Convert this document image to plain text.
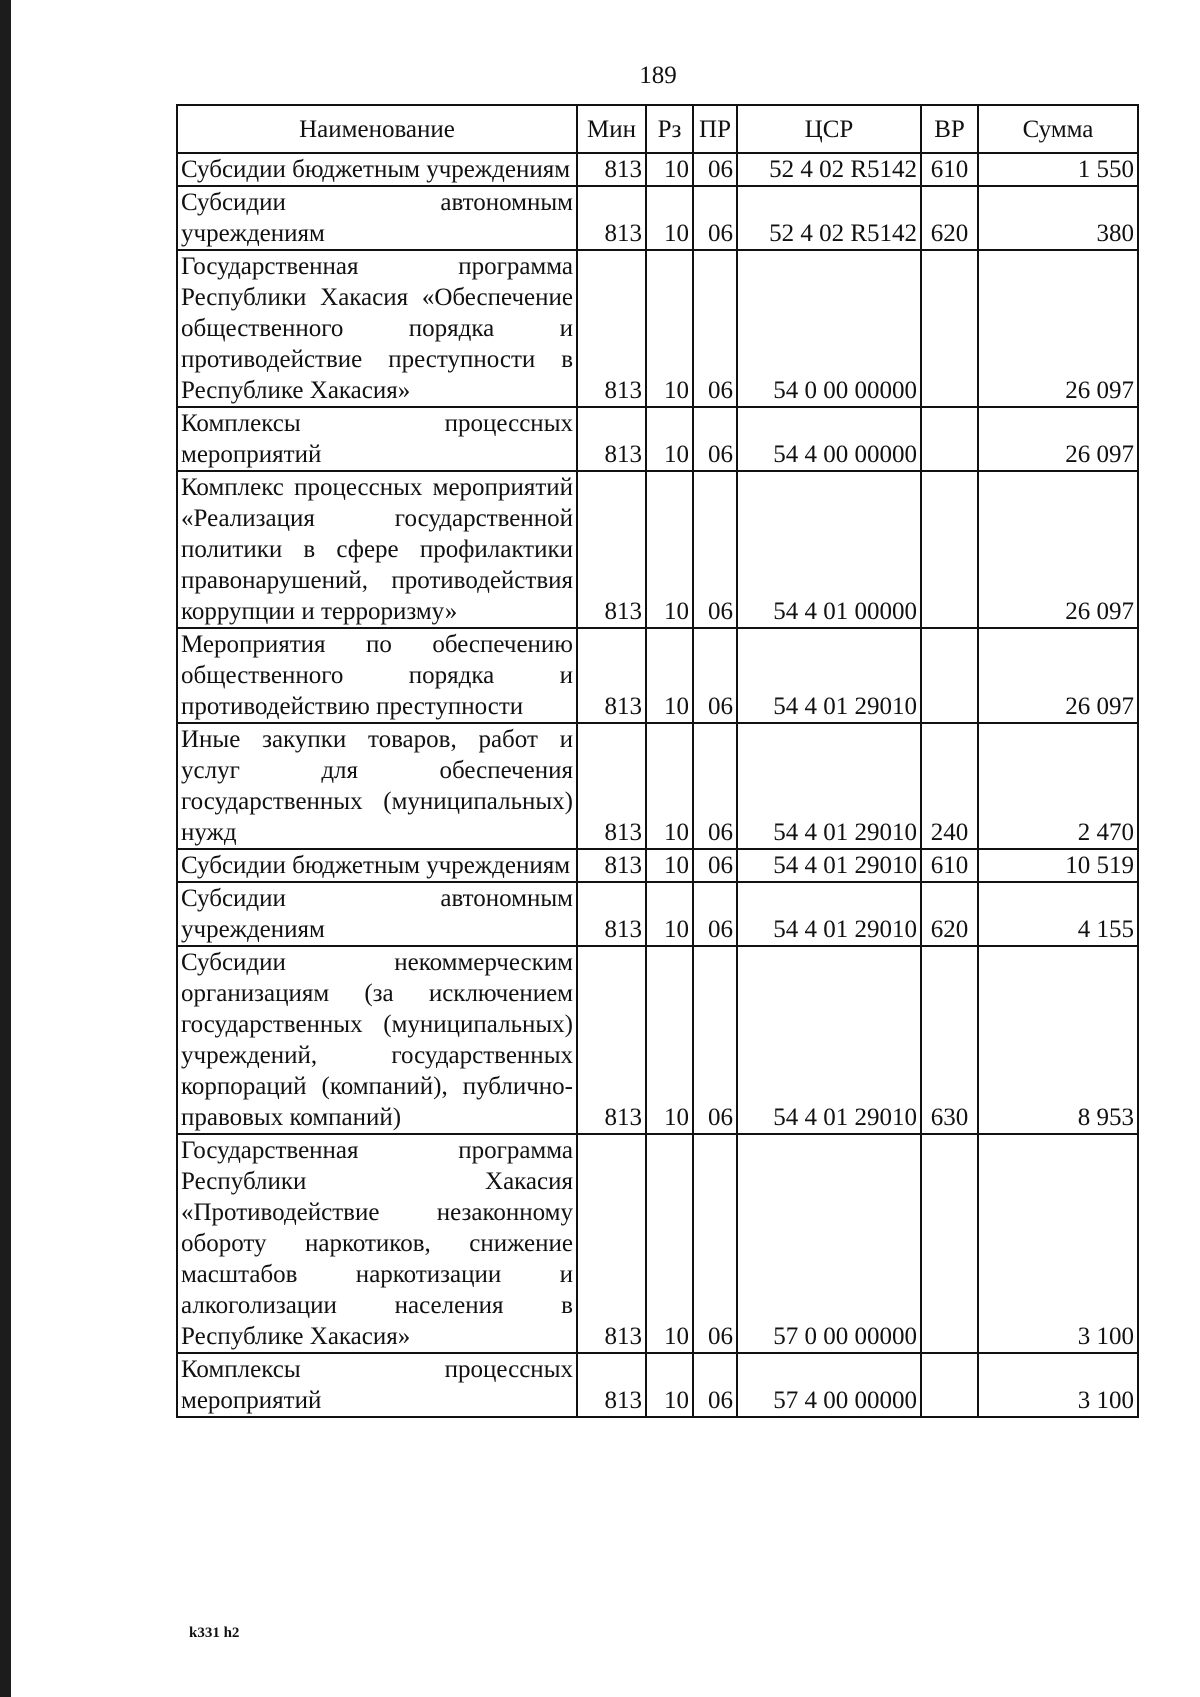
189
Наименование	Мин	Рз	ПР	ЦСР	ВР	Сумма
Субсидии бюджетным учреждениям	813	10	06	52 4 02 R5142	610	1 550
Субсидии автономным учреждениям	813	10	06	52 4 02 R5142	620	380
Государственная программа Республики Хакасия «Обеспечение общественного порядка и противодействие преступности в Республике Хакасия»	813	10	06	54 0 00 00000		26 097
Комплексы процессных мероприятий	813	10	06	54 4 00 00000		26 097
Комплекс процессных мероприятий «Реализация государственной политики в сфере профилактики правонарушений, противодействия коррупции и терроризму»	813	10	06	54 4 01 00000		26 097
Мероприятия по обеспечению общественного порядка и противодействию преступности	813	10	06	54 4 01 29010		26 097
Иные закупки товаров, работ и услуг для обеспечения государственных (муниципальных) нужд	813	10	06	54 4 01 29010	240	2 470
Субсидии бюджетным учреждениям	813	10	06	54 4 01 29010	610	10 519
Субсидии автономным учреждениям	813	10	06	54 4 01 29010	620	4 155
Субсидии некоммерческим организациям (за исключением государственных (муниципальных) учреждений, государственных корпораций (компаний), публично-правовых компаний)	813	10	06	54 4 01 29010	630	8 953
Государственная программа Республики Хакасия «Противодействие незаконному обороту наркотиков, снижение масштабов наркотизации и алкоголизации населения в Республике Хакасия»	813	10	06	57 0 00 00000		3 100
Комплексы процессных мероприятий	813	10	06	57 4 00 00000		3 100
k331 h2
